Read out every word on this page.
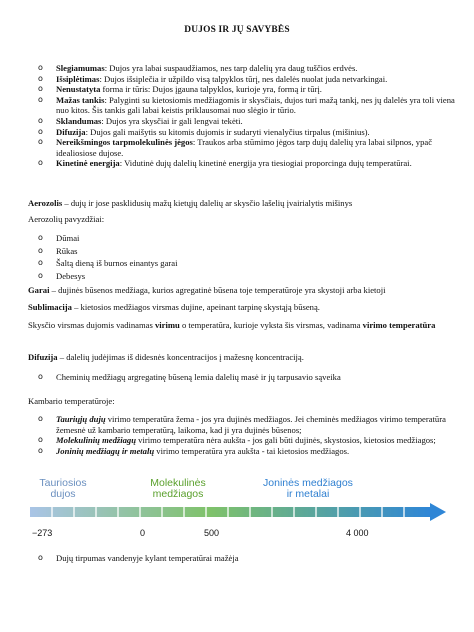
DUJOS IR JŲ SAVYBĖS
o Slegiamumas: Dujos yra labai suspaudžiamos, nes tarp dalelių yra daug tuščios erdvės.
o Išsiplėtimas: Dujos išsiplečia ir užpildo visą talpyklos tūrį, nes dalelės nuolat juda netvarkingai.
o Nenustatyta forma ir tūris: Dujos įgauna talpyklos, kurioje yra, formą ir tūrį.
o Mažas tankis: Palyginti su kietosiomis medžiagomis ir skysčiais, dujos turi mažą tankį, nes jų dalelės yra toli viena nuo kitos. Šis tankis gali labai keistis priklausomai nuo slėgio ir tūrio.
o Sklandumas: Dujos yra skysčiai ir gali lengvai tekėti.
o Difuzija: Dujos gali maišytis su kitomis dujomis ir sudaryti vienalyčius tirpalus (mišinius).
o Nereikšmingos tarpmolekulinės jėgos: Traukos arba stūmimo jėgos tarp dujų dalelių yra labai silpnos, ypač idealiosiose dujose.
o Kinetinė energija: Vidutinė dujų dalelių kinetinė energija yra tiesiogiai proporcinga dujų temperatūrai.

Aerozolis – dujų ir jose pasklidusių mažų kietųjų dalelių ar skysčio lašelių įvairialytis mišinys

Aerozolių pavyzdžiai:

o Dūmai
o Rūkas
o Šaltą dieną iš burnos einantys garai
o Debesys

Garai – dujinės būsenos medžiaga, kurios agregatinė būsena toje temperatūroje yra skystoji arba kietoji

Sublimacija – kietosios medžiagos virsmas dujine, apeinant tarpinę skystąją būseną.

Skysčio virsmas dujomis vadinamas virimu o temperatūra, kurioje vyksta šis virsmas, vadinama virimo temperatūra

Difuzija – dalelių judėjimas iš didesnės koncentracijos į mažesnę koncentraciją.

o Cheminių medžiagų argregatinę būseną lemia dalelių masė ir jų tarpusavio sąveika

Kambario temperatūroje:

o Tauriųjų dujų virimo temperatūra žema - jos yra dujinės medžiagos. Jei cheminės medžiagos virimo temperatūra žemesnė už kambario temperatūrą, laikoma, kad ji yra dujinės būsenos;
o Molekulinių medžiagų virimo temperatūra nėra aukšta - jos gali būti dujinės, skystosios, kietosios medžiagos;
o Joninių medžiagų ir metalų virimo temperatūra yra aukšta - tai kietosios medžiagos.
Tauriosios
dujos
Molekulinės
medžiagos
Joninės medžiagos
ir metalai
−273	0	500	4 000
o Dujų tirpumas vandenyje kylant temperatūrai mažėja
